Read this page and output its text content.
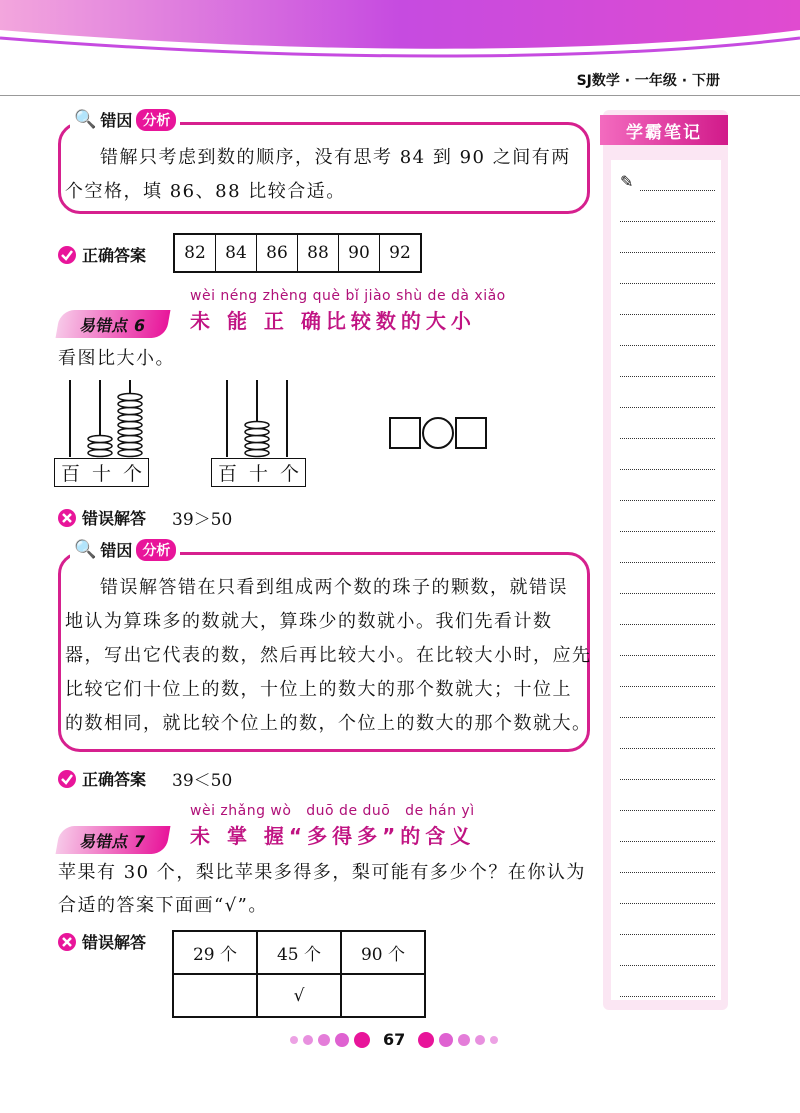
SJ数学 · 一年级 · 下册
学霸笔记
✎
🔍 错因 分析
错解只考虑到数的顺序，没有思考 84 到 90 之间有两
个空格，填 86、88 比较合适。
正确答案	82	84	86	88	90	92
wèi néng zhèng què bǐ jiào shù de dà xiǎo
易错点 6	未 能 正 确比较数的大小
看图比大小。
百 十 个	百 十 个
错误解答 39＞50
🔍 错因 分析
错误解答错在只看到组成两个数的珠子的颗数，就错误
地认为算珠多的数就大，算珠少的数就小。我们先看计数
器，写出它代表的数，然后再比较大小。在比较大小时，应先
比较它们十位上的数，十位上的数大的那个数就大；十位上
的数相同，就比较个位上的数，个位上的数大的那个数就大。
正确答案 39＜50
wèi zhǎng wò   duō de duō   de hán yì
易错点 7	未 掌 握“多得多”的含义
苹果有 30 个，梨比苹果多得多，梨可能有多少个？在你认为
合适的答案下面画“√”。
错误解答
29 个	45 个	90 个
	√	
67
